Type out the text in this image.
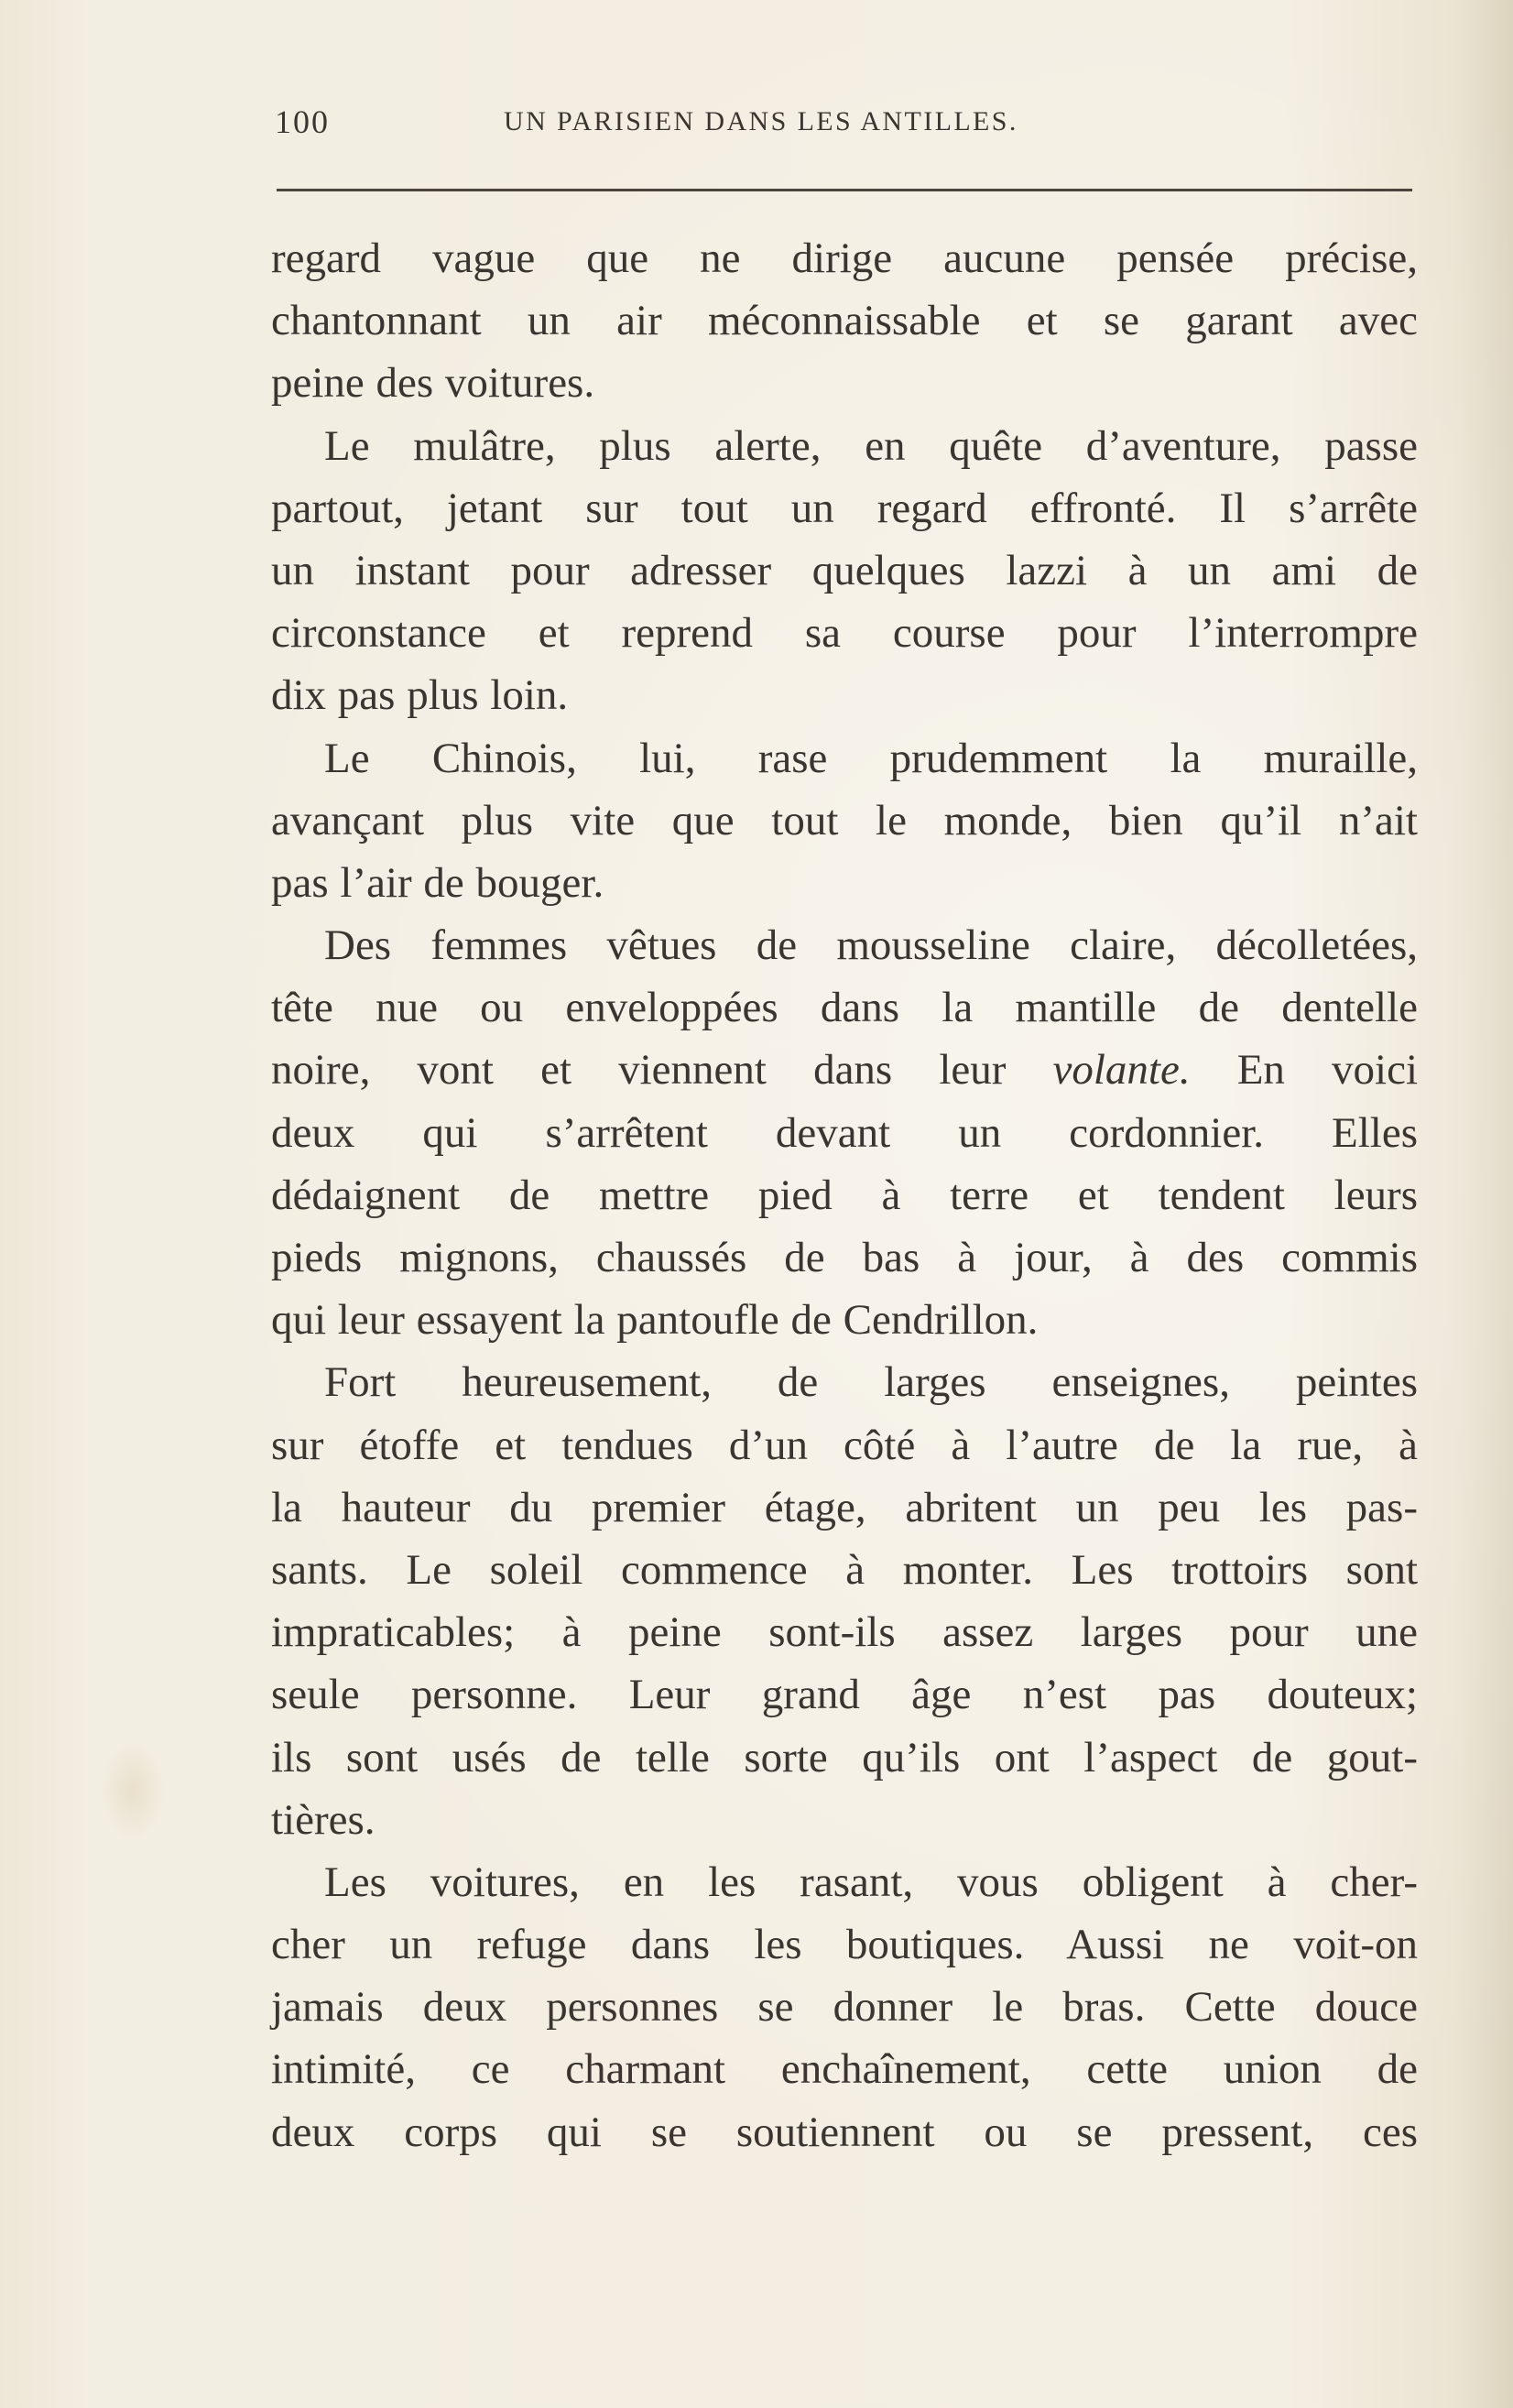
100	UN PARISIEN DANS LES ANTILLES.
regard vague que ne dirige aucune pensée précise,
chantonnant un air méconnaissable et se garant avec
peine des voitures.
Le mulâtre, plus alerte, en quête d’aventure, passe
partout, jetant sur tout un regard effronté. Il s’arrête
un instant pour adresser quelques lazzi à un ami de
circonstance et reprend sa course pour l’interrompre
dix pas plus loin.
Le Chinois, lui, rase prudemment la muraille,
avançant plus vite que tout le monde, bien qu’il n’ait
pas l’air de bouger.
Des femmes vêtues de mousseline claire, décolletées,
tête nue ou enveloppées dans la mantille de dentelle
noire, vont et viennent dans leur volante. En voici
deux qui s’arrêtent devant un cordonnier. Elles
dédaignent de mettre pied à terre et tendent leurs
pieds mignons, chaussés de bas à jour, à des commis
qui leur essayent la pantoufle de Cendrillon.
Fort heureusement, de larges enseignes, peintes
sur étoffe et tendues d’un côté à l’autre de la rue, à
la hauteur du premier étage, abritent un peu les pas-
sants. Le soleil commence à monter. Les trottoirs sont
impraticables; à peine sont-ils assez larges pour une
seule personne. Leur grand âge n’est pas douteux;
ils sont usés de telle sorte qu’ils ont l’aspect de gout-
tières.
Les voitures, en les rasant, vous obligent à cher-
cher un refuge dans les boutiques. Aussi ne voit-on
jamais deux personnes se donner le bras. Cette douce
intimité, ce charmant enchaînement, cette union de
deux corps qui se soutiennent ou se pressent, ces
